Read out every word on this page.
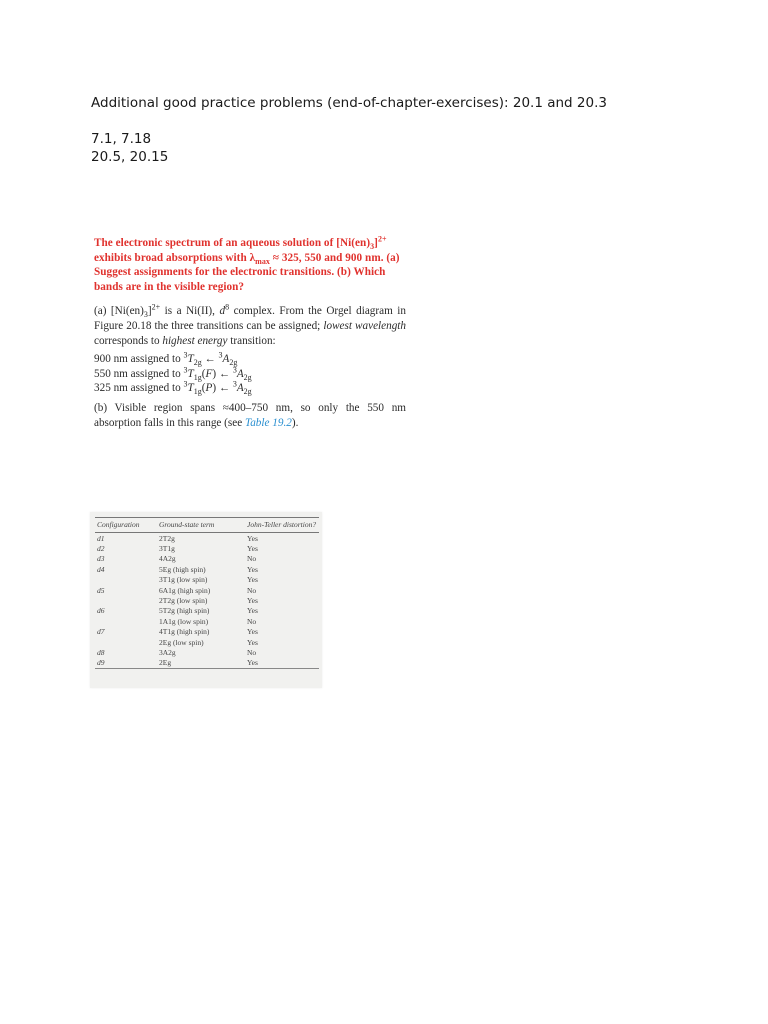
Additional good practice problems (end-of-chapter-exercises): 20.1 and 20.3
7.1, 7.18
20.5, 20.15

The electronic spectrum of an aqueous solution of $[Ni(en)_3]^{2+}$ exhibits broad absorptions with $\lambda_{max} \approx 325$, 550 and 900 nm. (a) Suggest assignments for the electronic transitions. (b) Which bands are in the visible region?

(a) $[Ni(en)_3]^{2+}$ is a Ni(II), $d^8$ complex. From the Orgel diagram in Figure 20.18 the three transitions can be assigned; lowest wavelength corresponds to highest energy transition:

900 nm assigned to $^3T_{2g}$ ← $^3A_{2g}$

550 nm assigned to $^3T_{1g}(F)$ ← $^3A_{2g}$

325 nm assigned to $^3T_{1g}(P)$ ← $^3A_{2g}$

(b) Visible region spans ≈400–750 nm, so only the 550 nm absorption falls in this range (see Table 19.2).

Configuration	Ground-state term	John-Teller distortion?
d1	2T2g	Yes
d2	3T1g	Yes
d3	4A2g	No
d4	5Eg (high spin)	Yes
	3T1g (low spin)	Yes
d5	6A1g (high spin)	No
	2T2g (low spin)	Yes
d6	5T2g (high spin)	Yes
	1A1g (low spin)	No
d7	4T1g (high spin)	Yes
	2Eg (low spin)	Yes
d8	3A2g	No
d9	2Eg	Yes
